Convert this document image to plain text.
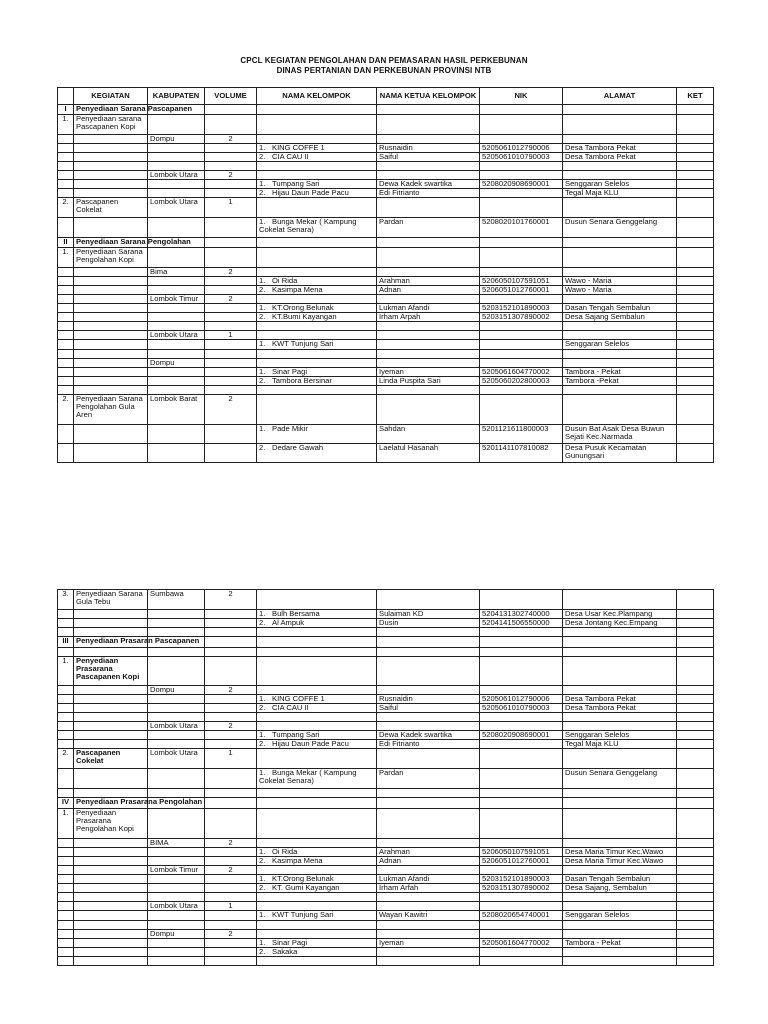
CPCL KEGIATAN PENGOLAHAN DAN PEMASARAN HASIL PERKEBUNAN
DINAS PERTANIAN DAN PERKEBUNAN PROVINSI NTB
	KEGIATAN	KABUPATEN	VOLUME	NAMA KELOMPOK	NAMA KETUA KELOMPOK	NIK	ALAMAT	KET
I	Penyediaan Sarana Pascapanen							
1.	Penyediaan sarana Pascapanen Kopi							
		Dompu	2					
				1. KING COFFE 1	Rusnaidin	5205061012790006	Desa Tambora Pekat	
				2. CIA CAU II	Saiful	5205061010790003	Desa Tambora Pekat	

		Lombok Utara	2					
				1. Tumpang Sari	Dewa Kadek swartika	5208020908690001	Senggaran Selelos	
				2. Hijau Daun Pade Pacu	Edi Fitrianto		Tegal Maja KLU	
2.	Pascapanen Cokelat	Lombok Utara	1					
				1. Bunga Mekar ( Kampung Cokelat Senara)	Pardan	5208020101760001	Dusun Senara Genggelang	
II	Penyediaan Sarana Pengolahan							
1.	Penyediaan Sarana Pengolahan Kopi							
		Bima	2					
				1. Oi Rida	Arahman	5206050107591051	Wawo - Maria	
				2. Kasimpa Mena	Adnan	5206051012760001	Wawo - Maria	
		Lombok Timur	2					
				1. KT.Orong Belunak	Lukman Afandi	5203152101890003	Dasan Tengah Sembalun	
				2. KT.Bumi Kayangan	Irham Arpah	5203151307890002	Desa Sajang Sembalun	

		Lombok Utara	1					
				1. KWT Tunjung Sari			Senggaran Selelos	

		Dompu						
				1. Sinar Pagi	Iyeman	5205061604770002	Tambora - Pekat	
				2. Tambora Bersinar	Linda Puspita Sari	5205060202800003	Tambora -Pekat	

2.	Penyediaan Sarana Pengolahan Gula Aren	Lombok Barat	2					
				1. Pade Mikir	Sahdan	5201121611800003	Dusun Bat Asak Desa Buwun Sejati Kec.Narmada	
				2. Dedare Gawah	Laelatul Hasanah	5201141107810082	Desa Pusuk Kecamatan Gunungsari	
3.	Penyediaan Sarana Gula Tebu	Sumbawa	2					
				1. Bulh Bersama	Sulaiman KD	5204131302740000	Desa Usar Kec.Plampang	
				2. Al Ampuk	Dusin	5204141506550000	Desa Jontang Kec.Empang	

III	Penyediaan Prasaran Pascapanen							

1.	Penyediaan Prasarana Pascapanen Kopi							
		Dompu	2					
				1. KING COFFE 1	Rusnaidin	5205061012790006	Desa Tambora Pekat	
				2. CIA CAU II	Saiful	5205061010790003	Desa Tambora Pekat	

		Lombok Utara	2					
				1. Tumpang Sari	Dewa Kadek swartika	5208020908690001	Senggaran Selelos	
				2. Hijau Daun Pade Pacu	Edi Fitrianto		Tegal Maja KLU	
2.	Pascapanen Cokelat	Lombok Utara	1					
				1. Bunga Mekar ( Kampung Cokelat Senara)	Pardan		Dusun Senara Genggelang	

IV	Penyediaan Prasarana Pengolahan							
1.	Penyediaan Prasarana Pengolahan Kopi							
		BIMA	2					
				1. Oi Rida	Arahman	5206050107591051	Desa Maria Timur Kec.Wawo	
				2. Kasimpa Mena	Adnan	5206051012760001	Desa Maria Timur Kec.Wawo	
		Lombok Timur	2					
				1. KT.Orong Belunak	Lukman Afandi	5203152101890003	Dasan Tengah Sembalun	
				2. KT. Gumi Kayangan	Irham Arfah	5203151307890002	Desa Sajang, Sembalun	

		Lombok Utara	1					
				1. KWT Tunjung Sari	Wayan Kawitri	5208020654740001	Senggaran Selelos	

		Dompu	2					
				1. Sinar Pagi	Iyeman	5205061604770002	Tambora - Pekat	
				2. Sakaka				
